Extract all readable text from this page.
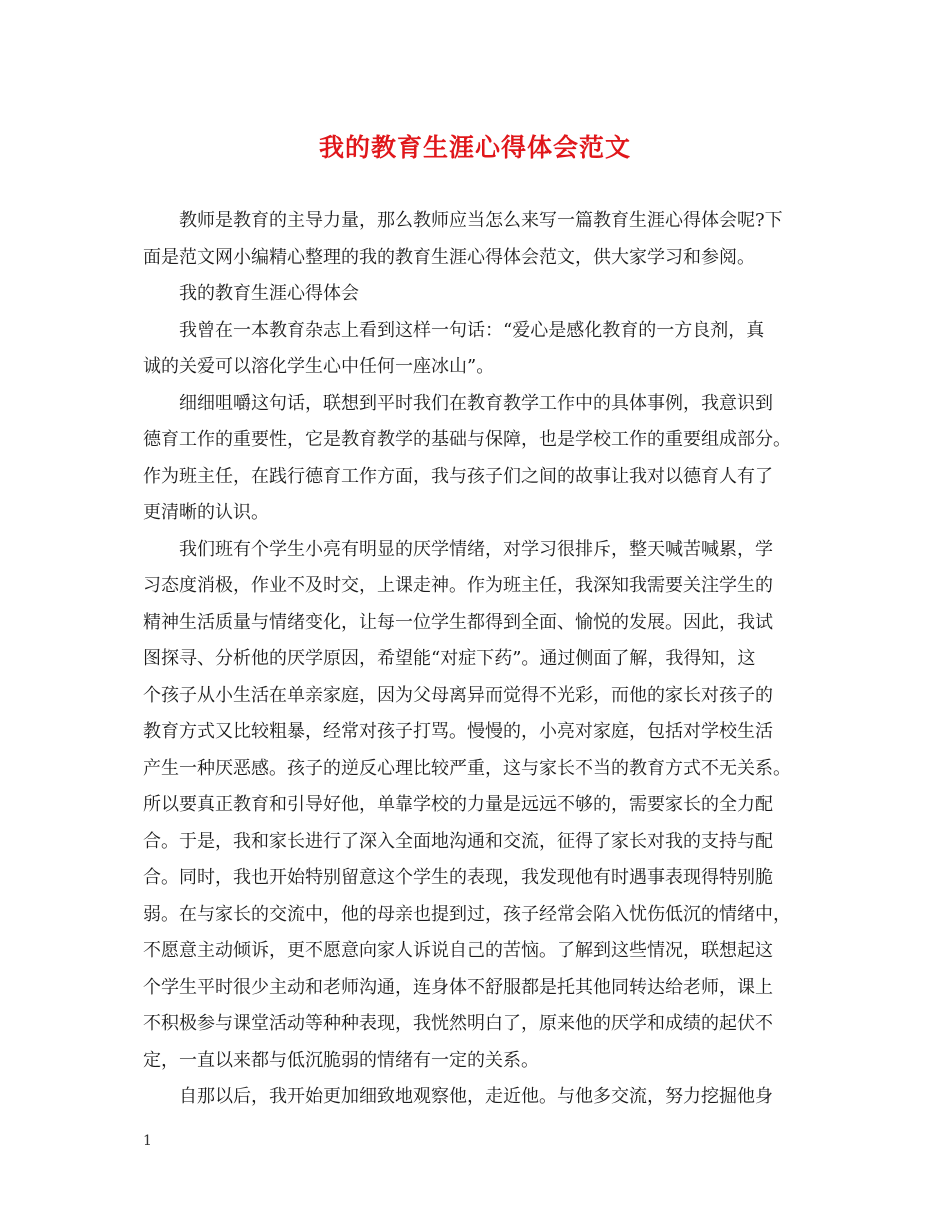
我的教育生涯心得体会范文

教师是教育的主导力量，那么教师应当怎么来写一篇教育生涯心得体会呢?下

面是范文网小编精心整理的我的教育生涯心得体会范文，供大家学习和参阅。

我的教育生涯心得体会

我曾在一本教育杂志上看到这样一句话：“爱心是感化教育的一方良剂，真

诚的关爱可以溶化学生心中任何一座冰山”。

细细咀嚼这句话，联想到平时我们在教育教学工作中的具体事例，我意识到

德育工作的重要性，它是教育教学的基础与保障，也是学校工作的重要组成部分。

作为班主任，在践行德育工作方面，我与孩子们之间的故事让我对以德育人有了

更清晰的认识。

我们班有个学生小亮有明显的厌学情绪，对学习很排斥，整天喊苦喊累，学

习态度消极，作业不及时交，上课走神。作为班主任，我深知我需要关注学生的

精神生活质量与情绪变化，让每一位学生都得到全面、愉悦的发展。因此，我试

图探寻、分析他的厌学原因，希望能“对症下药”。通过侧面了解，我得知，这

个孩子从小生活在单亲家庭，因为父母离异而觉得不光彩，而他的家长对孩子的

教育方式又比较粗暴，经常对孩子打骂。慢慢的，小亮对家庭，包括对学校生活

产生一种厌恶感。孩子的逆反心理比较严重，这与家长不当的教育方式不无关系。

所以要真正教育和引导好他，单靠学校的力量是远远不够的，需要家长的全力配

合。于是，我和家长进行了深入全面地沟通和交流，征得了家长对我的支持与配

合。同时，我也开始特别留意这个学生的表现，我发现他有时遇事表现得特别脆

弱。在与家长的交流中，他的母亲也提到过，孩子经常会陷入忧伤低沉的情绪中，

不愿意主动倾诉，更不愿意向家人诉说自己的苦恼。了解到这些情况，联想起这

个学生平时很少主动和老师沟通，连身体不舒服都是托其他同转达给老师，课上

不积极参与课堂活动等种种表现，我恍然明白了，原来他的厌学和成绩的起伏不

定，一直以来都与低沉脆弱的情绪有一定的关系。

自那以后，我开始更加细致地观察他，走近他。与他多交流，努力挖掘他身

1
